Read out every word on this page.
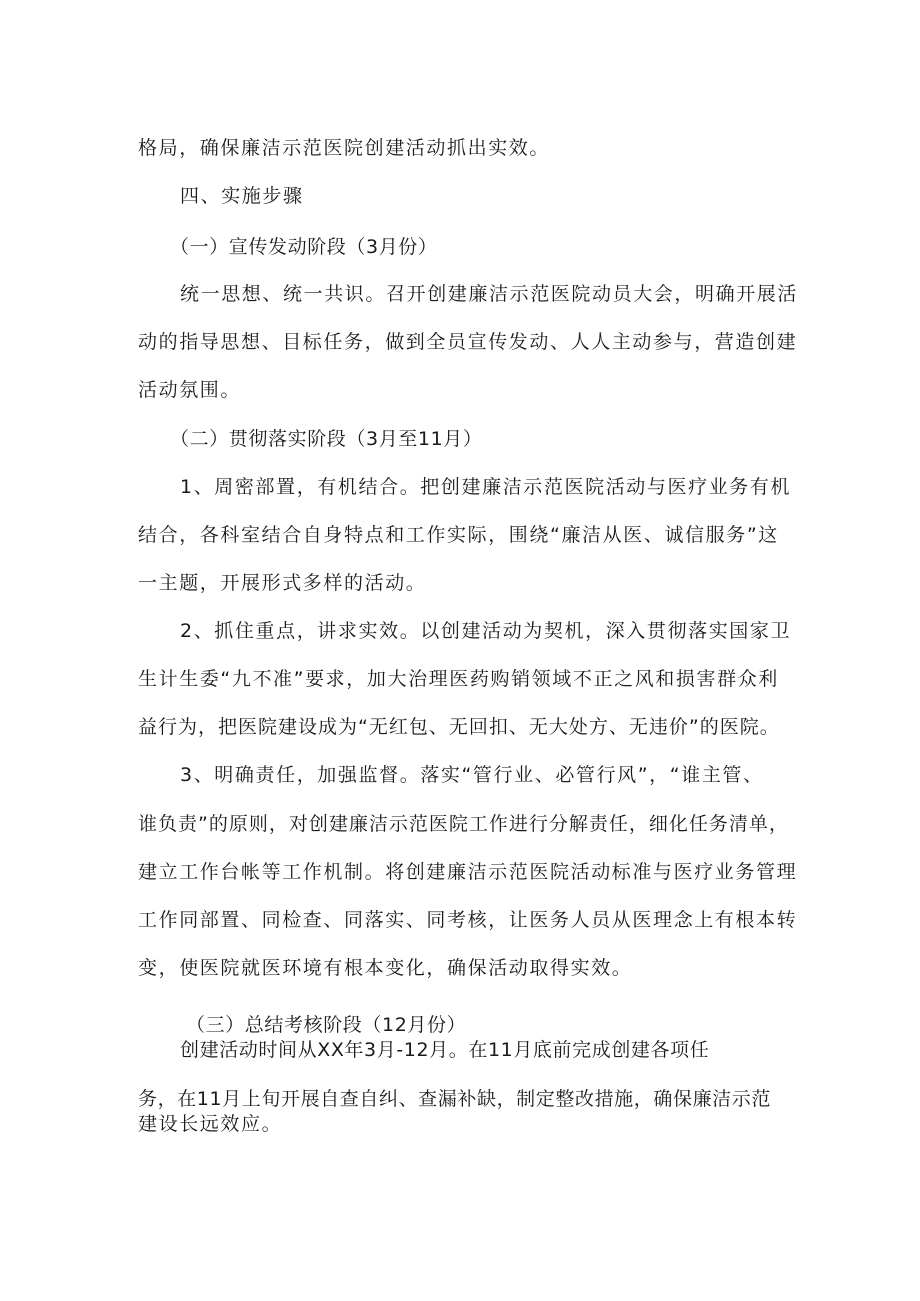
格局，确保廉洁示范医院创建活动抓出实效。
四、实施步骤
（一）宣传发动阶段（3月份）
统一思想、统一共识。召开创建廉洁示范医院动员大会，明确开展活
动的指导思想、目标任务，做到全员宣传发动、人人主动参与，营造创建
活动氛围。
（二）贯彻落实阶段（3月至11月）
1、周密部置，有机结合。把创建廉洁示范医院活动与医疗业务有机
结合，各科室结合自身特点和工作实际，围绕“廉洁从医、诚信服务”这
一主题，开展形式多样的活动。
2、抓住重点，讲求实效。以创建活动为契机，深入贯彻落实国家卫
生计生委“九不准”要求，加大治理医药购销领域不正之风和损害群众利
益行为，把医院建设成为“无红包、无回扣、无大处方、无违价”的医院。
3、明确责任，加强监督。落实“管行业、必管行风”，“谁主管、
谁负责”的原则，对创建廉洁示范医院工作进行分解责任，细化任务清单，
建立工作台帐等工作机制。将创建廉洁示范医院活动标准与医疗业务管理
工作同部置、同检查、同落实、同考核，让医务人员从医理念上有根本转
变，使医院就医环境有根本变化，确保活动取得实效。
（三）总结考核阶段（12月份）
创建活动时间从XX年3月-12月。在11月底前完成创建各项任
务，在11月上旬开展自查自纠、查漏补缺，制定整改措施，确保廉洁示范
建设长远效应。
